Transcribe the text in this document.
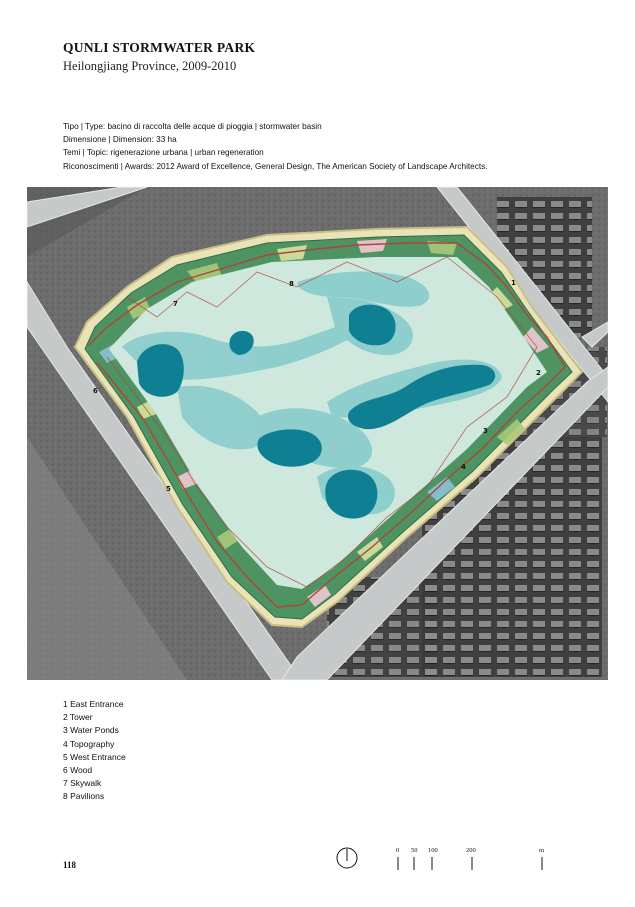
QUNLI STORMWATER PARK
Heilongjiang Province, 2009-2010
Tipo | Type: bacino di raccolta delle acque di pioggia | stormwater basin
Dimensione | Dimension: 33 ha
Temi | Topic: rigenerazione urbana | urban regeneration
Riconoscimenti | Awards: 2012 Award of Excellence, General Design, The American Society of Landscape Architects.
1
2
3
4
5
6
7
8
1 East Entrance
2 Tower
3 Water Ponds
4 Topography
5 West Entrance
6 Wood
7 Skywalk
8 Pavilions
118
0 50 100	200	m
